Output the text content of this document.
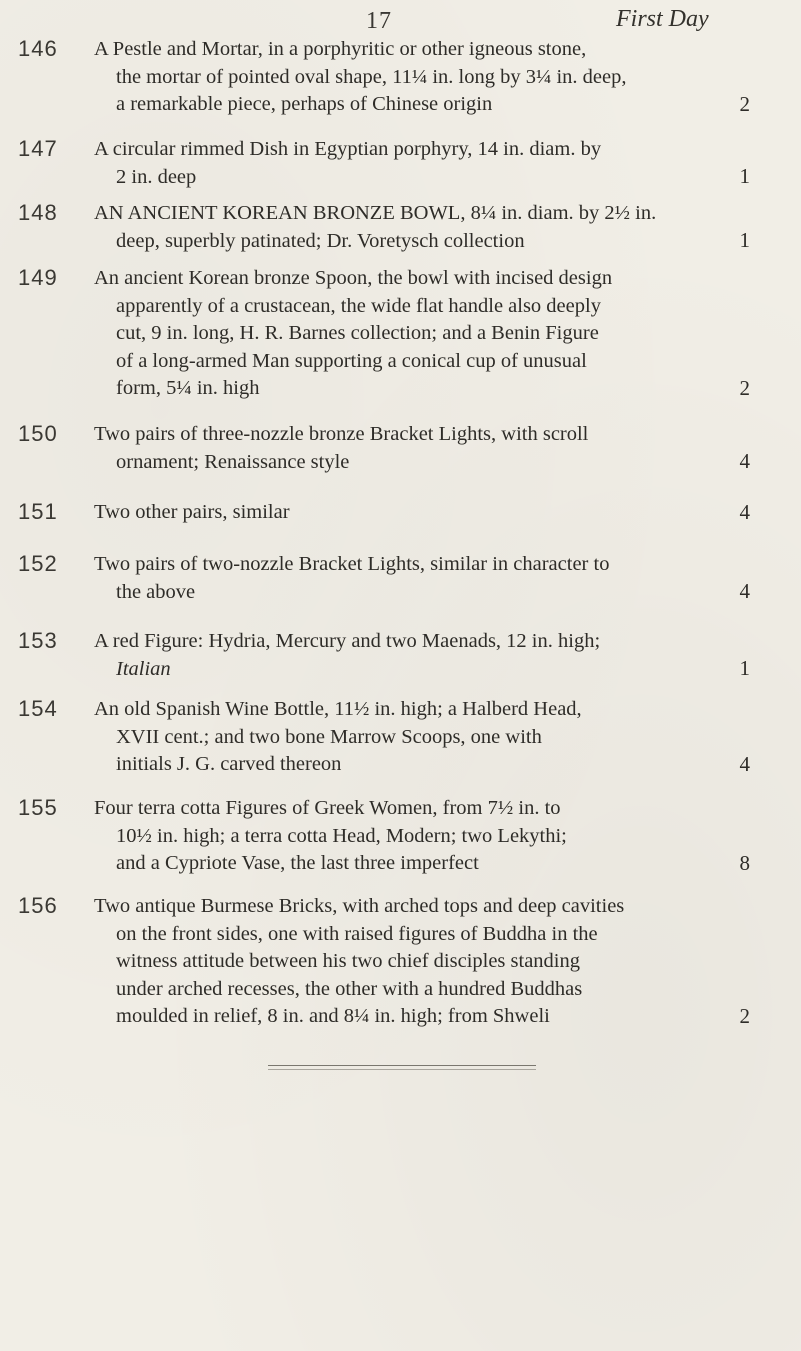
17	First Day
146 A Pestle and Mortar, in a porphyritic or other igneous stone,
the mortar of pointed oval shape, 11¼ in. long by 3¼ in. deep,
a remarkable piece, perhaps of Chinese origin	2
147 A circular rimmed Dish in Egyptian porphyry, 14 in. diam. by
2 in. deep	1
148 AN ANCIENT KOREAN BRONZE BOWL, 8¼ in. diam. by 2½ in.
deep, superbly patinated; Dr. Voretysch collection	1
149 An ancient Korean bronze Spoon, the bowl with incised design
apparently of a crustacean, the wide flat handle also deeply
cut, 9 in. long, H. R. Barnes collection; and a Benin Figure
of a long-armed Man supporting a conical cup of unusual
form, 5¼ in. high	2
150 Two pairs of three-nozzle bronze Bracket Lights, with scroll
ornament; Renaissance style	4
151 Two other pairs, similar	4
152 Two pairs of two-nozzle Bracket Lights, similar in character to
the above	4
153 A red Figure: Hydria, Mercury and two Maenads, 12 in. high;
Italian	1
154 An old Spanish Wine Bottle, 11½ in. high; a Halberd Head,
XVII cent.; and two bone Marrow Scoops, one with
initials J. G. carved thereon	4
155 Four terra cotta Figures of Greek Women, from 7½ in. to
10½ in. high; a terra cotta Head, Modern; two Lekythi;
and a Cypriote Vase, the last three imperfect	8
156 Two antique Burmese Bricks, with arched tops and deep cavities
on the front sides, one with raised figures of Buddha in the
witness attitude between his two chief disciples standing
under arched recesses, the other with a hundred Buddhas
moulded in relief, 8 in. and 8¼ in. high; from Shweli	2
